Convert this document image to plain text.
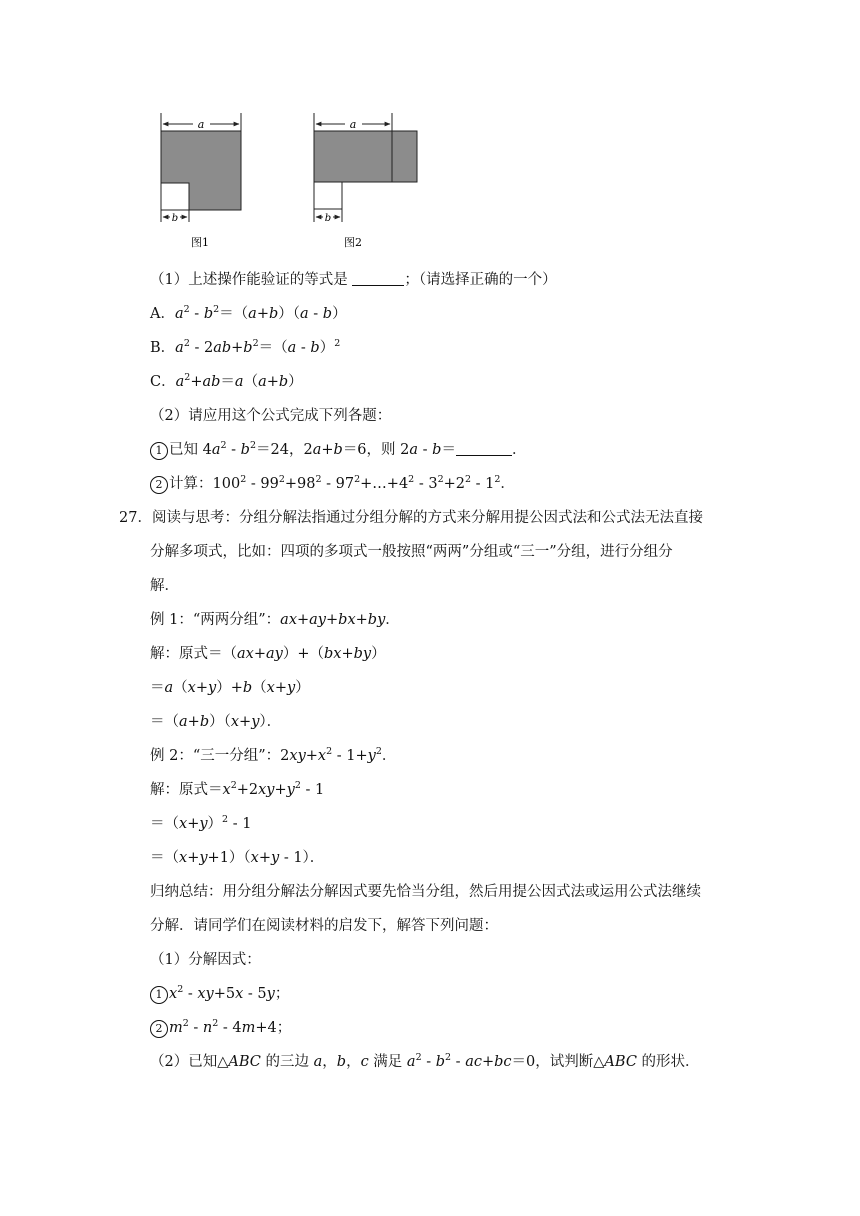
a
b
图1
a
b
图2
（1）上述操作能验证的等式是	；（请选择正确的一个）
A．$a^2 - b^2=(a+b)(a - b)$
B．$a^2 - 2ab+b^2=(a - b)^2$
C．$a^2+ab=a(a+b)$
（2）请应用这个公式完成下列各题：
1 已知 $4a^2 - b^2=24$，2a+b＝6，则 2a - b＝	．
2 计算：$100^2 - 99^2+98^2$ - $97^2+\dots+4^2 - 3^2+2^2 - 1^2$．
27．阅读与思考：分组分解法指通过分组分解的方式来分解用提公因式法和公式法无法直接
分解多项式，比如：四项的多项式一般按照“两两”分组或“三一”分组，进行分组分
解．
例 1：“两两分组”：ax+ay+bx+by．
解：原式＝（ax+ay）+（bx+by）
＝a（x+y）+b（x+y）
＝（a+b）（x+y）．
例 2：“三一分组”：$2xy+x^2 - 1+y^2$．
解：原式$=x^2+2xy+y^2 - 1$
$=(x+y)^2 - 1$
＝（x+y+1）（x+y - 1）．
归纳总结：用分组分解法分解因式要先恰当分组，然后用提公因式法或运用公式法继续
分解．请同学们在阅读材料的启发下，解答下列问题：
（1）分解因式：
1 $x^2 - xy+5x - 5y$；
2 $m^2 - n^2 - 4m+4$；
（2）已知△ABC 的三边 a，b，c 满足 $a^2 - b^2 - ac+bc=0$，试判断△ABC 的形状．
